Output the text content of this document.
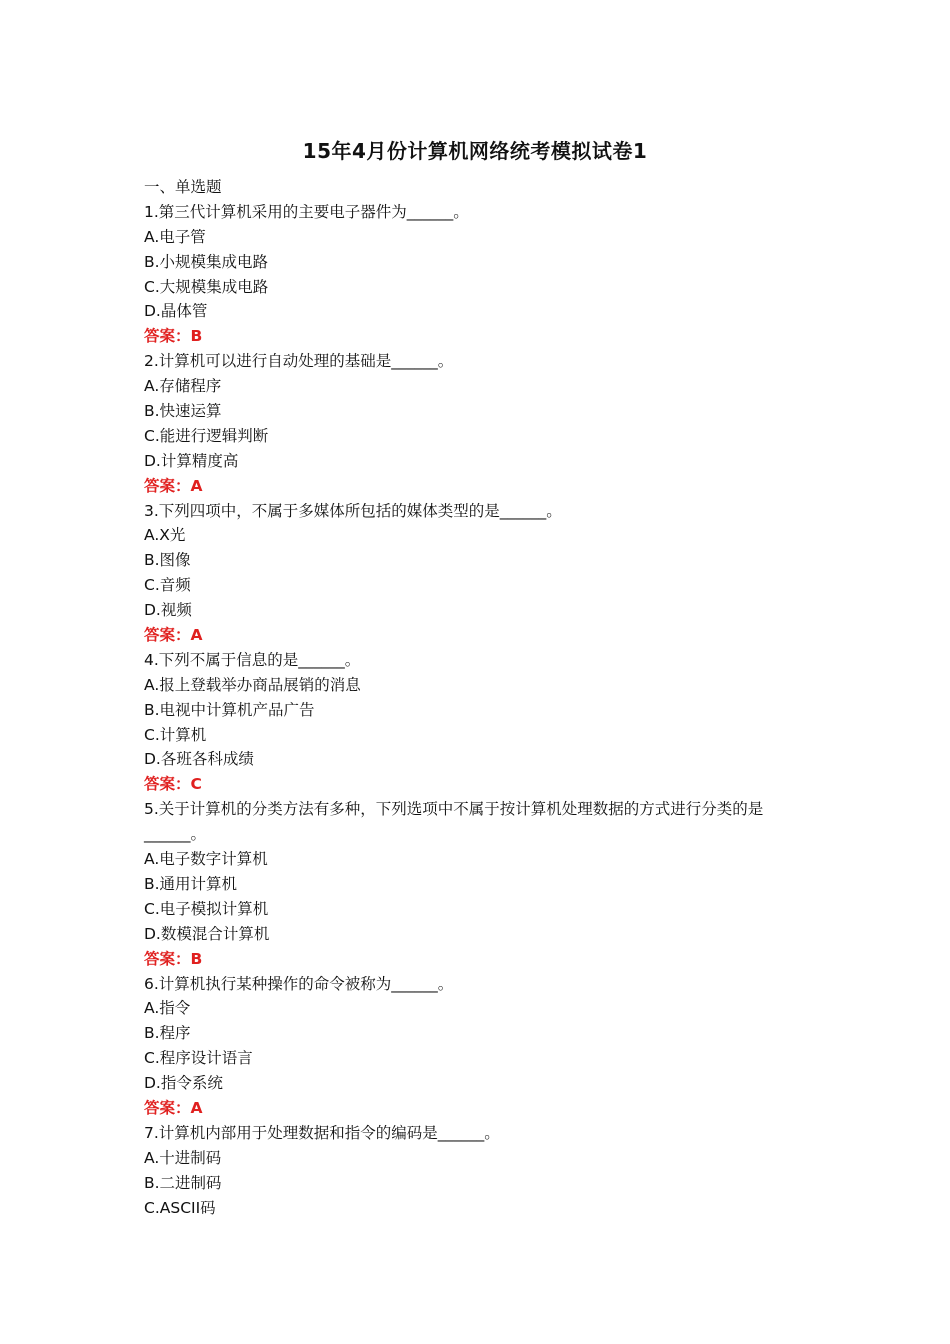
15年4月份计算机网络统考模拟试卷1
一、单选题
1.第三代计算机采用的主要电子器件为______。
A.电子管
B.小规模集成电路
C.大规模集成电路
D.晶体管
答案：B
2.计算机可以进行自动处理的基础是______。
A.存储程序
B.快速运算
C.能进行逻辑判断
D.计算精度高
答案：A
3.下列四项中，不属于多媒体所包括的媒体类型的是______。
A.X光
B.图像
C.音频
D.视频
答案：A
4.下列不属于信息的是______。
A.报上登载举办商品展销的消息
B.电视中计算机产品广告
C.计算机
D.各班各科成绩
答案：C
5.关于计算机的分类方法有多种，下列选项中不属于按计算机处理数据的方式进行分类的是______。
A.电子数字计算机
B.通用计算机
C.电子模拟计算机
D.数模混合计算机
答案：B
6.计算机执行某种操作的命令被称为______。
A.指令
B.程序
C.程序设计语言
D.指令系统
答案：A
7.计算机内部用于处理数据和指令的编码是______。
A.十进制码
B.二进制码
C.ASCII码
